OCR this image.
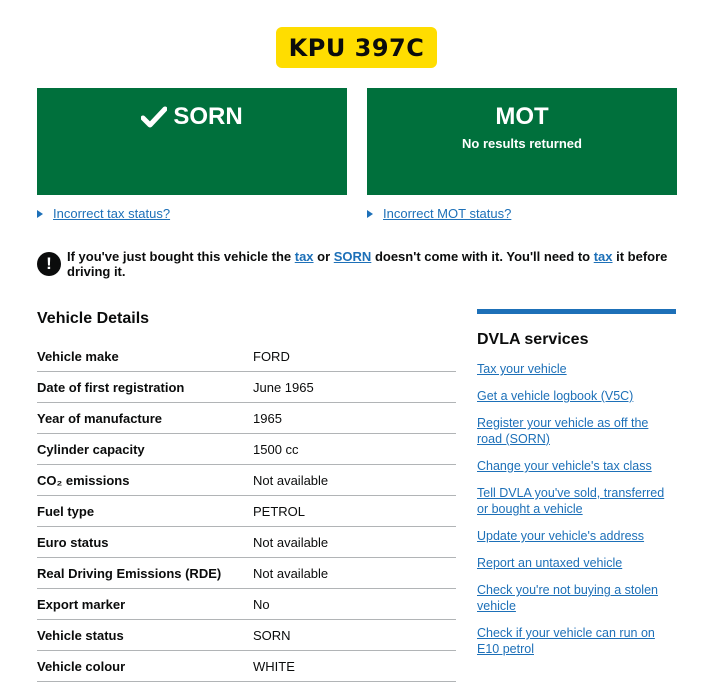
KPU 397C
SORN	MOT
No results returned
Incorrect tax status?	Incorrect MOT status?
!	If you've just bought this vehicle the tax or SORN doesn't come with it. You'll need to tax it before driving it.
Vehicle Details
Vehicle make	FORD
Date of first registration	June 1965
Year of manufacture	1965
Cylinder capacity	1500 cc
CO₂ emissions	Not available
Fuel type	PETROL
Euro status	Not available
Real Driving Emissions (RDE)	Not available
Export marker	No
Vehicle status	SORN
Vehicle colour	WHITE
DVLA services
Tax your vehicle
Get a vehicle logbook (V5C)
Register your vehicle as off the road (SORN)
Change your vehicle's tax class
Tell DVLA you've sold, transferred or bought a vehicle
Update your vehicle's address
Report an untaxed vehicle
Check you're not buying a stolen vehicle
Check if your vehicle can run on E10 petrol
